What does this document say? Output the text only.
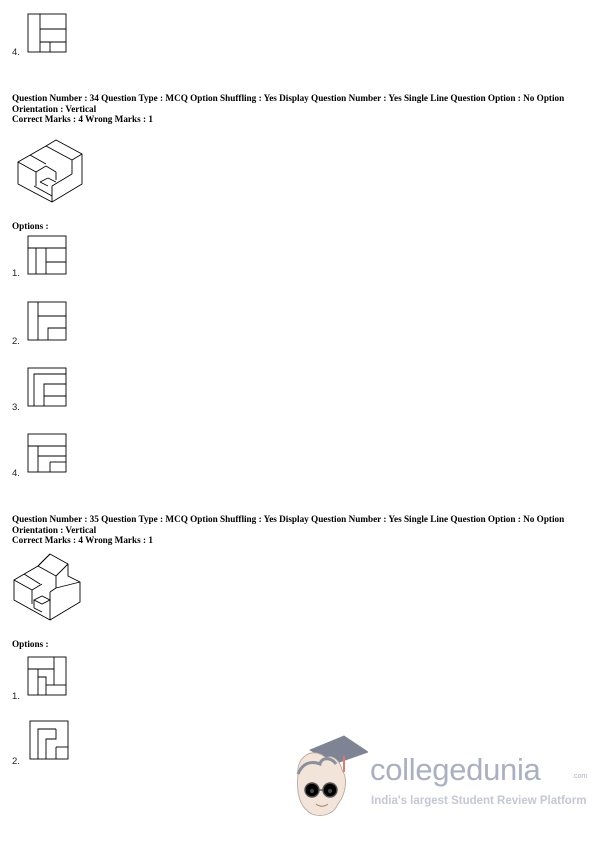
4.
Question Number : 34 Question Type : MCQ Option Shuffling : Yes Display Question Number : Yes Single Line Question Option : No Option Orientation : Vertical
Correct Marks : 4 Wrong Marks : 1
Options :
1.
2.
3.
4.
Question Number : 35 Question Type : MCQ Option Shuffling : Yes Display Question Number : Yes Single Line Question Option : No Option Orientation : Vertical
Correct Marks : 4 Wrong Marks : 1
Options :
1.
2.	collegedunia	.com
India's largest Student Review Platform
